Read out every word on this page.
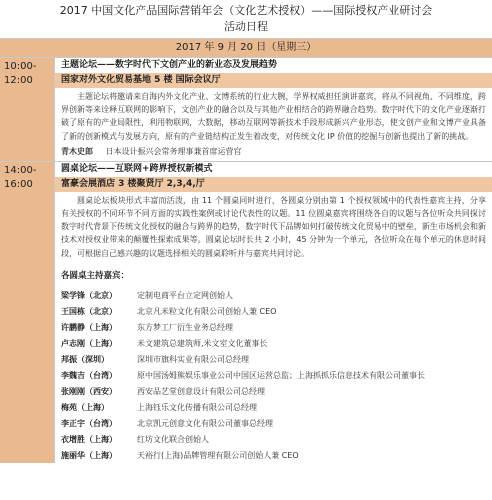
2017 中国文化产品国际营销年会（文化艺术授权）——国际授权产业研讨会
活动日程
2017 年 9 月 20 日（星期三）
10:00-12:00
主题论坛——数字时代下文创产业的新业态及发展趋势
国家对外文化贸易基地 5 楼 国际会议厅
主题论坛将邀请来自海内外文化产业、文博系统的行业大腕，学界权威担任演讲嘉宾，将从不同视角、不同维度，跨界创新等来诠释互联网的影响下，文创产业的融合以及与其他产业相结合的跨界融合趋势。数字时代下的文化产业逐渐打破了原有的产业局限性，利用物联网，大数据，移动互联网等新技术手段形成新兴产业形态，使文创产业和文博产业具备了新的创新模式与发展方向，原有的产业链结构正发生着改变，对传统文化 IP 价值的挖掘与创新也提出了新的挑战。
青木史郎 日本设计振兴会常务理事兼首席运营官
14:00-16:00
圆桌论坛——互联网+跨界授权新模式
富豪会展酒店 3 楼聚贤厅 2,3,4,厅
圆桌论坛板块形式丰富而活泼，由 11 个圆桌同时进行，各圆桌分别由第 1 个授权领域中的代表性嘉宾主持，分享有关授权的不同环节不同方面的实践性案例或讨论代表性的议题。11 位圆桌嘉宾将围绕各自的议题与各位听众共同探讨数字时代背景下传统文化授权的融合与跨界的趋势，数字时代下品牌如何打破传统文化贸易中的壁垒，新生市场机会和新技术对授权业带来的颠覆性探索成果等。圆桌论坛时长共 2 小时，45 分钟为一个单元，各位听众在每个单元的休息时间段，可根据自己感兴趣的议题选择相关的圆桌聆听并与嘉宾共同讨论。
各圆桌主持嘉宾：
梁学锋（北京）	定制电商平台立定网创始人
王国栋（北京）	北京凡米粒文化有限公司创始人兼 CEO
许鹏静（上海）	东方梦工厂衍生业务总经理
卢志刚（上海）	米文建筑总建筑师,米文室文化董事长
邦振（深圳）	深圳市旗科实业有限公司总经理
李魏吉（台湾）	原中国汤姆熊娱乐事业公司中国区运营总监；上海抓抓乐信息技术有限公司董事长
张刚刚（西安）	西安品艺堂创意设计有限公司总经理
梅苑（上海）	上海钰乐文化传播有限公司总经理
李正宇（台湾）	北京凯元创意文化有限公司董事总经理
衣增胜（上海）	红坊文化联合创始人
施丽华（上海）	天裕行(上海)品牌管理有限公司创始人兼 CEO
